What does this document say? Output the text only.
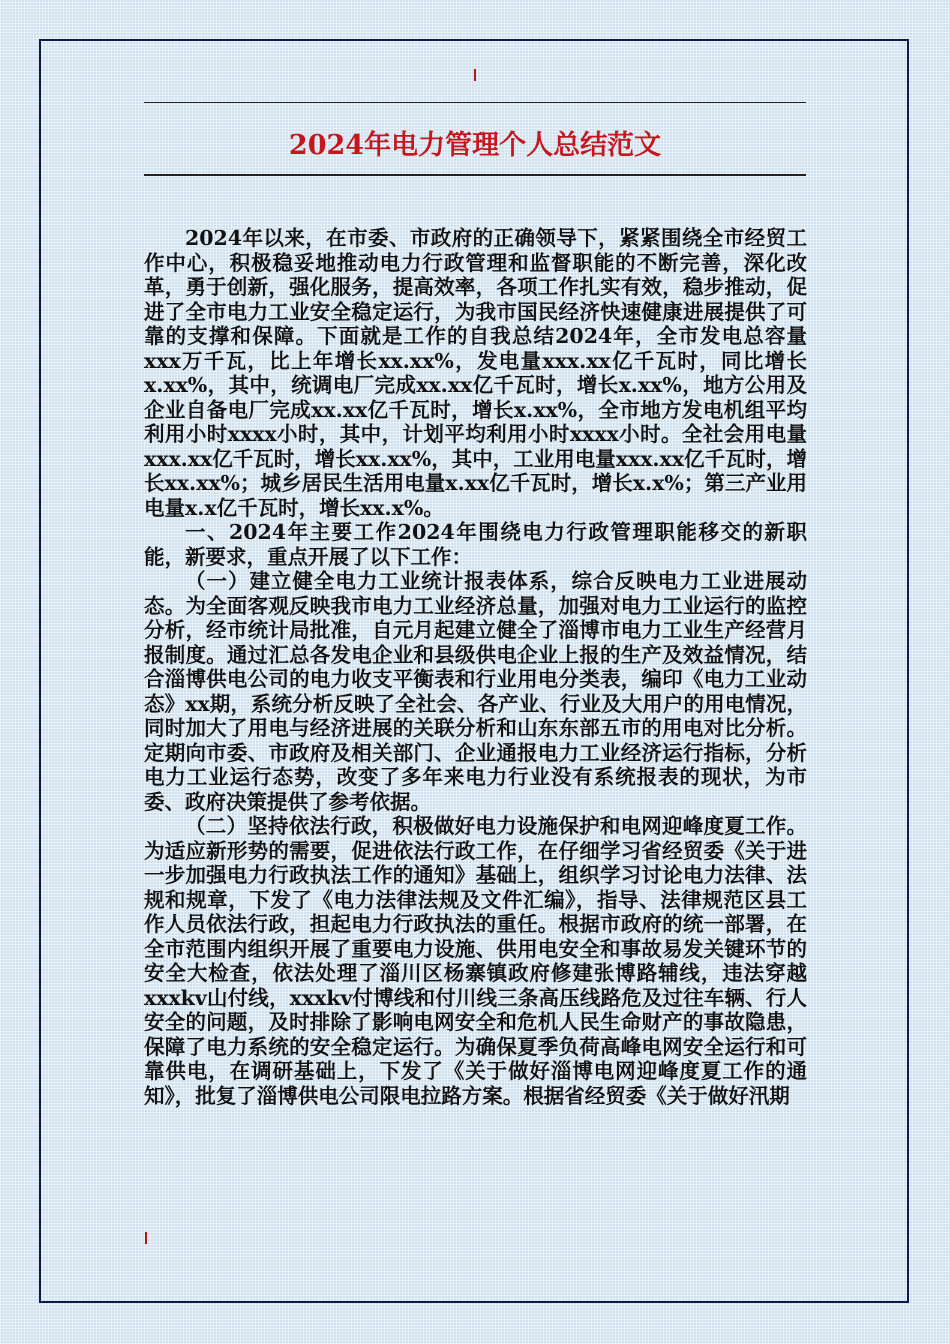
2024年电力管理个人总结范文

2024年以来，在市委、市政府的正确领导下，紧紧围绕全市经贸工作中心，积极稳妥地推动电力行政管理和监督职能的不断完善，深化改革，勇于创新，强化服务，提高效率，各项工作扎实有效，稳步推动，促进了全市电力工业安全稳定运行，为我市国民经济快速健康进展提供了可靠的支撑和保障。下面就是工作的自我总结2024年，全市发电总容量xxx万千瓦，比上年增长xx.xx%，发电量xxx.xx亿千瓦时，同比增长x.xx%，其中，统调电厂完成xx.xx亿千瓦时，增长x.xx%，地方公用及企业自备电厂完成xx.xx亿千瓦时，增长x.xx%，全市地方发电机组平均利用小时xxxx小时，其中，计划平均利用小时xxxx小时。全社会用电量xxx.xx亿千瓦时，增长xx.xx%，其中，工业用电量xxx.xx亿千瓦时，增长xx.xx%；城乡居民生活用电量x.xx亿千瓦时，增长x.x%；第三产业用电量x.x亿千瓦时，增长xx.x%。

一、2024年主要工作2024年围绕电力行政管理职能移交的新职能，新要求，重点开展了以下工作：

（一）建立健全电力工业统计报表体系，综合反映电力工业进展动态。为全面客观反映我市电力工业经济总量，加强对电力工业运行的监控分析，经市统计局批准，自元月起建立健全了淄博市电力工业生产经营月报制度。通过汇总各发电企业和县级供电企业上报的生产及效益情况，结合淄博供电公司的电力收支平衡表和行业用电分类表，编印《电力工业动态》xx期，系统分析反映了全社会、各产业、行业及大用户的用电情况，同时加大了用电与经济进展的关联分析和山东东部五市的用电对比分析。定期向市委、市政府及相关部门、企业通报电力工业经济运行指标，分析电力工业运行态势，改变了多年来电力行业没有系统报表的现状，为市委、政府决策提供了参考依据。

（二）坚持依法行政，积极做好电力设施保护和电网迎峰度夏工作。为适应新形势的需要，促进依法行政工作，在仔细学习省经贸委《关于进一步加强电力行政执法工作的通知》基础上，组织学习讨论电力法律、法规和规章，下发了《电力法律法规及文件汇编》，指导、法律规范区县工作人员依法行政，担起电力行政执法的重任。根据市政府的统一部署，在全市范围内组织开展了重要电力设施、供用电安全和事故易发关键环节的安全大检查，依法处理了淄川区杨寨镇政府修建张博路辅线，违法穿越xxxkv山付线，xxxkv付博线和付川线三条高压线路危及过往车辆、行人安全的问题，及时排除了影响电网安全和危机人民生命财产的事故隐患，保障了电力系统的安全稳定运行。为确保夏季负荷高峰电网安全运行和可靠供电，在调研基础上，下发了《关于做好淄博电网迎峰度夏工作的通知》，批复了淄博供电公司限电拉路方案。根据省经贸委《关于做好汛期
